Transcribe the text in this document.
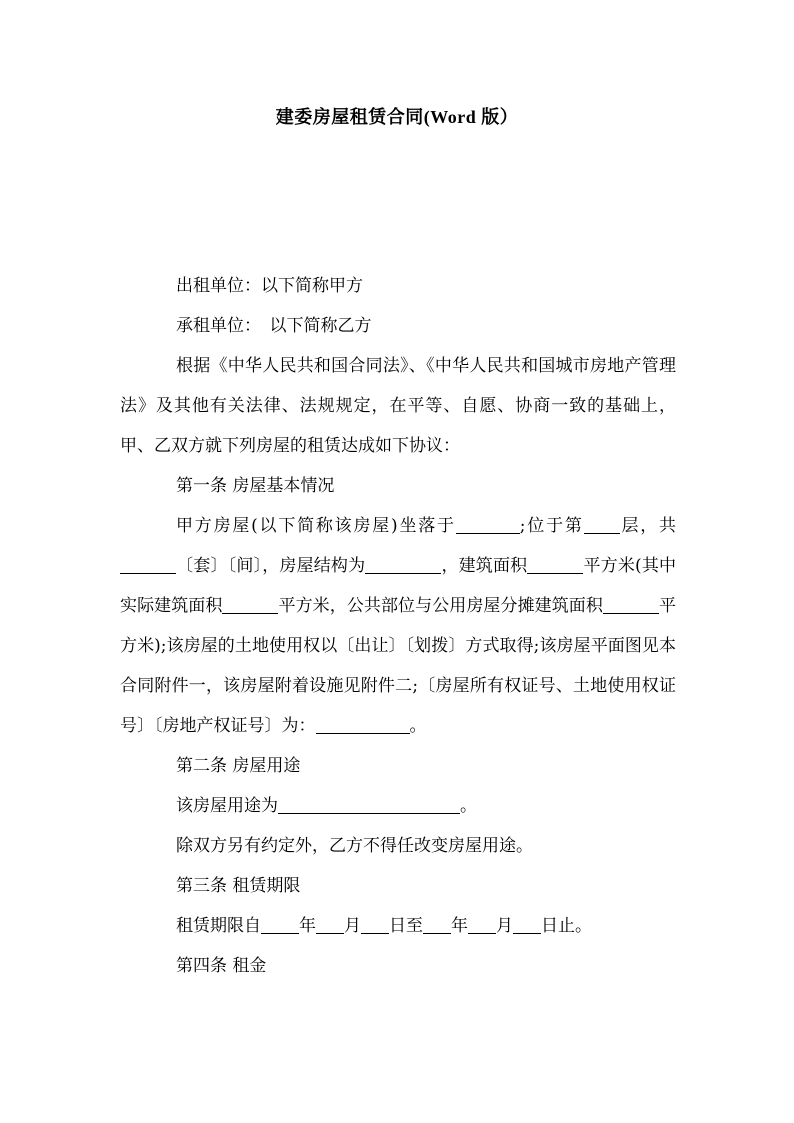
建委房屋租赁合同(Word 版）

出租单位：以下简称甲方

承租单位：　以下简称乙方

根据《中华人民共和国合同法》、《中华人民共和国城市房地产管理法》及其他有关法律、法规规定，在平等、自愿、协商一致的基础上，甲、乙双方就下列房屋的租赁达成如下协议：

第一条 房屋基本情况

甲方房屋(以下简称该房屋)坐落于	;位于第 层，共〔套〕〔间〕，房屋结构为	，建筑面积	平方米(其中实际建筑面积	平方米，公共部位与公用房屋分摊建筑面积	平方米);该房屋的土地使用权以〔出让〕〔划拨〕方式取得;该房屋平面图见本合同附件一，该房屋附着设施见附件二;〔房屋所有权证号、土地使用权证号〕〔房地产权证号〕为：	。

第二条 房屋用途

该房屋用途为	。

除双方另有约定外，乙方不得任改变房屋用途。

第三条 租赁期限

租赁期限自 年 月 日至 年 月 日止。

第四条 租金
